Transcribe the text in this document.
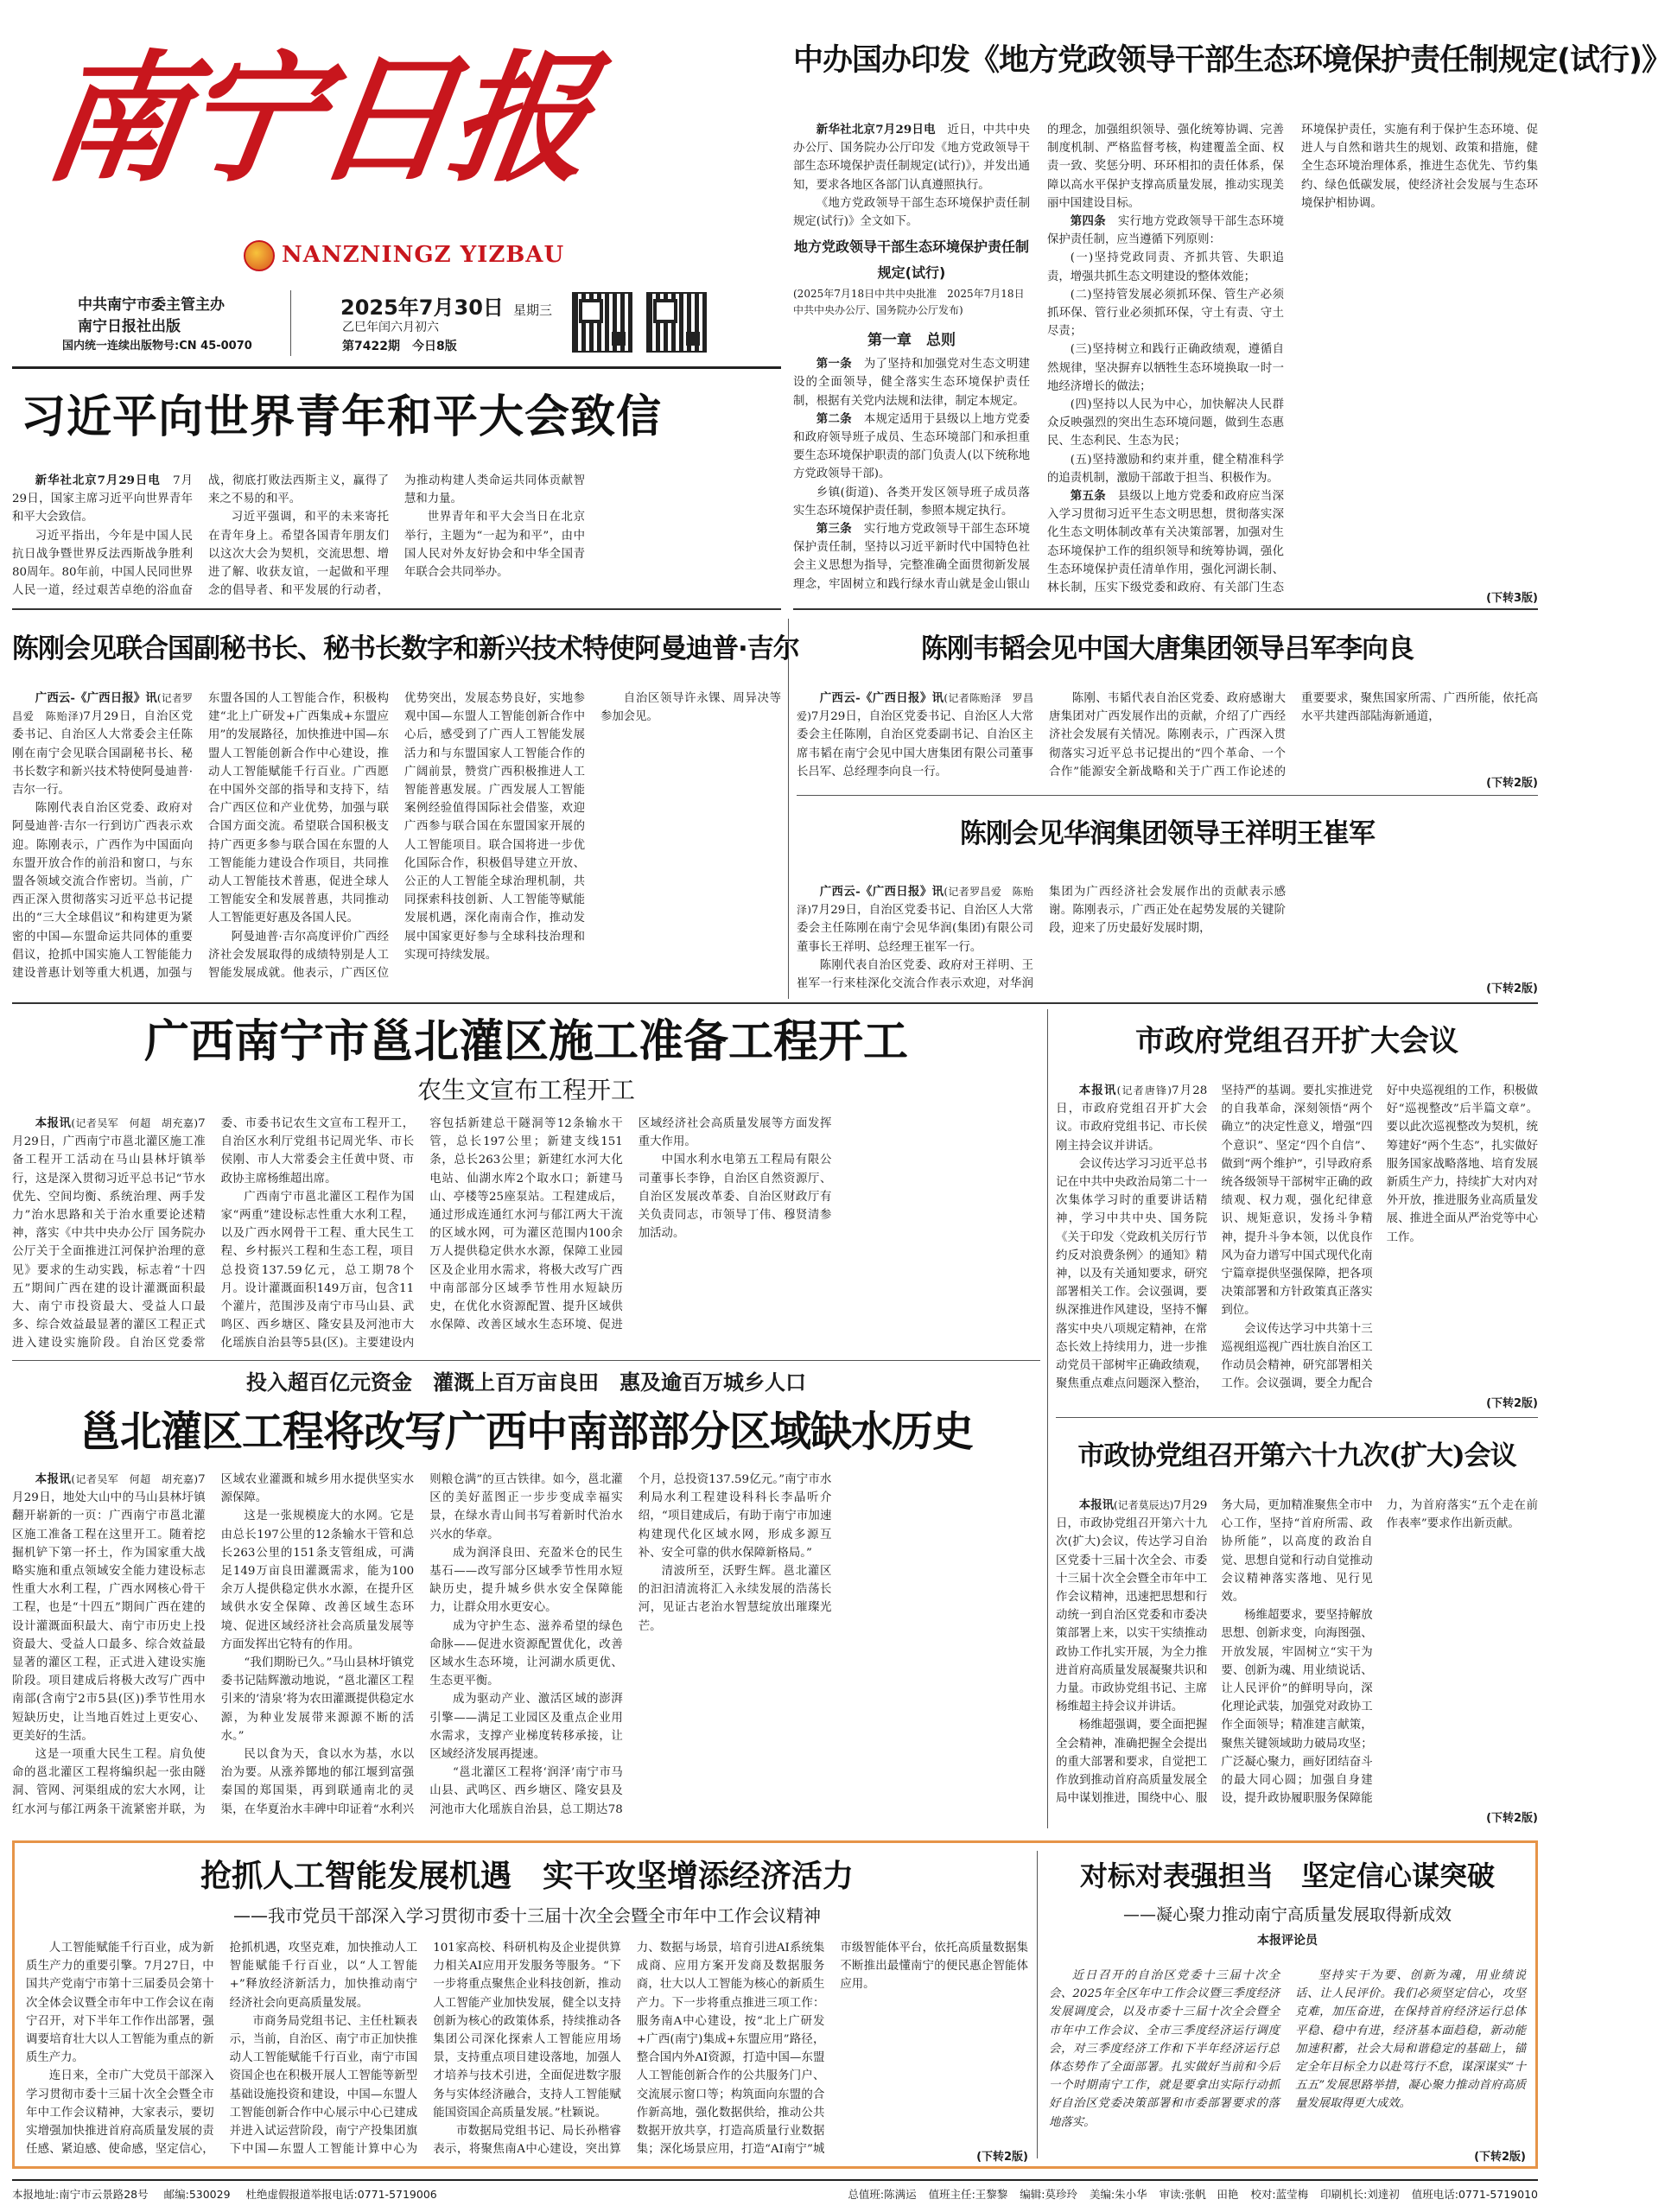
南宁日报
NANZNINGZ YIZBAU
中共南宁市委主管主办
南宁日报社出版
国内统一连续出版物号:CN 45-0070
2025年7月30日 星期三
乙巳年闰六月初六
第7422期　 今日8版
中办国办印发《地方党政领导干部生态环境保护责任制规定(试行)》

新华社北京7月29日电　 近日，中共中央办公厅、国务院办公厅印发《地方党政领导干部生态环境保护责任制规定(试行)》，并发出通知，要求各地区各部门认真遵照执行。

《地方党政领导干部生态环境保护责任制规定(试行)》全文如下。

地方党政领导干部生态环境保护责任制规定(试行)

(2025年7月18日中共中央批准　2025年7月18日中共中央办公厅、国务院办公厅发布)

第一章　总则

第一条　 为了坚持和加强党对生态文明建设的全面领导，健全落实生态环境保护责任制，根据有关党内法规和法律，制定本规定。

第二条　 本规定适用于县级以上地方党委和政府领导班子成员、生态环境部门和承担重要生态环境保护职责的部门负责人(以下统称地方党政领导干部)。

乡镇(街道)、各类开发区领导班子成员落实生态环境保护责任制，参照本规定执行。

第三条　 实行地方党政领导干部生态环境保护责任制，坚持以习近平新时代中国特色社会主义思想为指导，完整准确全面贯彻新发展理念，牢固树立和践行绿水青山就是金山银山的理念，加强组织领导、强化统筹协调、完善制度机制、严格监督考核，构建覆盖全面、权责一致、奖惩分明、环环相扣的责任体系，保障以高水平保护支撑高质量发展，推动实现美丽中国建设目标。

第四条　 实行地方党政领导干部生态环境保护责任制，应当遵循下列原则：

(一)坚持党政同责、齐抓共管、失职追责，增强共抓生态文明建设的整体效能；

(二)坚持管发展必须抓环保、管生产必须抓环保、管行业必须抓环保，守土有责、守土尽责；

(三)坚持树立和践行正确政绩观，遵循自然规律，坚决摒弃以牺牲生态环境换取一时一地经济增长的做法；

(四)坚持以人民为中心，加快解决人民群众反映强烈的突出生态环境问题，做到生态惠民、生态利民、生态为民；

(五)坚持激励和约束并重，健全精准科学的追责机制，激励干部敢于担当、积极作为。

第五条　 县级以上地方党委和政府应当深入学习贯彻习近平生态文明思想，贯彻落实深化生态文明体制改革有关决策部署，加强对生态环境保护工作的组织领导和统筹协调，强化生态环境保护责任清单作用，强化河湖长制、林长制，压实下级党委和政府、有关部门生态环境保护责任，实施有利于保护生态环境、促进人与自然和谐共生的规划、政策和措施，健全生态环境治理体系，推进生态优先、节约集约、绿色低碳发展，使经济社会发展与生态环境保护相协调。

(下转3版)
习近平向世界青年和平大会致信

新华社北京7月29日电　 7月29日，国家主席习近平向世界青年和平大会致信。

习近平指出，今年是中国人民抗日战争暨世界反法西斯战争胜利80周年。80年前，中国人民同世界人民一道，经过艰苦卓绝的浴血奋战，彻底打败法西斯主义，赢得了来之不易的和平。

习近平强调，和平的未来寄托在青年身上。希望各国青年朋友们以这次大会为契机，交流思想、增进了解、收获友谊，一起做和平理念的倡导者、和平发展的行动者，为推动构建人类命运共同体贡献智慧和力量。

世界青年和平大会当日在北京举行，主题为“一起为和平”，由中国人民对外友好协会和中华全国青年联合会共同举办。

陈刚会见联合国副秘书长、秘书长数字和新兴技术特使阿曼迪普·吉尔

广西云-《广西日报》讯(记者罗昌爱　陈贻泽)7月29日，自治区党委书记、自治区人大常委会主任陈刚在南宁会见联合国副秘书长、秘书长数字和新兴技术特使阿曼迪普·吉尔一行。

陈刚代表自治区党委、政府对阿曼迪普·吉尔一行到访广西表示欢迎。陈刚表示，广西作为中国面向东盟开放合作的前沿和窗口，与东盟各领域交流合作密切。当前，广西正深入贯彻落实习近平总书记提出的“三大全球倡议”和构建更为紧密的中国—东盟命运共同体的重要倡议，抢抓中国实施人工智能能力建设普惠计划等重大机遇，加强与东盟各国的人工智能合作，积极构建“北上广研发+广西集成+东盟应用”的发展路径，加快推进中国—东盟人工智能创新合作中心建设，推动人工智能赋能千行百业。广西愿在中国外交部的指导和支持下，结合广西区位和产业优势，加强与联合国方面交流。希望联合国积极支持广西更多参与联合国在东盟的人工智能能力建设合作项目，共同推动人工智能技术普惠，促进全球人工智能安全和发展普惠，共同推动人工智能更好惠及各国人民。

阿曼迪普·吉尔高度评价广西经济社会发展取得的成绩特别是人工智能发展成就。他表示，广西区位优势突出，发展态势良好，实地参观中国—东盟人工智能创新合作中心后，感受到了广西人工智能发展活力和与东盟国家人工智能合作的广阔前景，赞赏广西积极推进人工智能普惠发展。广西发展人工智能案例经验值得国际社会借鉴，欢迎广西参与联合国在东盟国家开展的人工智能项目。联合国将进一步优化国际合作，积极倡导建立开放、公正的人工智能全球治理机制，共同探索科技创新、人工智能等赋能发展机遇，深化南南合作，推动发展中国家更好参与全球科技治理和实现可持续发展。

自治区领导许永锞、周异决等参加会见。

陈刚韦韬会见中国大唐集团领导吕军李向良

广西云-《广西日报》讯(记者陈贻泽　罗昌爱)7月29日，自治区党委书记、自治区人大常委会主任陈刚，自治区党委副书记、自治区主席韦韬在南宁会见中国大唐集团有限公司董事长吕军、总经理李向良一行。

陈刚、韦韬代表自治区党委、政府感谢大唐集团对广西发展作出的贡献，介绍了广西经济社会发展有关情况。陈刚表示，广西深入贯彻落实习近平总书记提出的“四个革命、一个合作”能源安全新战略和关于广西工作论述的重要要求，聚焦国家所需、广西所能，依托高水平共建西部陆海新通道，

(下转2版)
陈刚会见华润集团领导王祥明王崔军

广西云-《广西日报》讯(记者罗昌爱　陈贻泽)7月29日，自治区党委书记、自治区人大常委会主任陈刚在南宁会见华润(集团)有限公司董事长王祥明、总经理王崔军一行。

陈刚代表自治区党委、政府对王祥明、王崔军一行来桂深化交流合作表示欢迎，对华润集团为广西经济社会发展作出的贡献表示感谢。陈刚表示，广西正处在起势发展的关键阶段，迎来了历史最好发展时期，

(下转2版)
广西南宁市邕北灌区施工准备工程开工
农生文宣布工程开工

本报讯(记者吴军　何超　胡充嘉)7月29日，广西南宁市邕北灌区施工准备工程开工活动在马山县林圩镇举行，这是深入贯彻习近平总书记“节水优先、空间均衡、系统治理、两手发力”治水思路和关于治水重要论述精神，落实《中共中央办公厅 国务院办公厅关于全面推进江河保护治理的意见》要求的生动实践，标志着“十四五”期间广西在建的设计灌溉面积最大、南宁市投资最大、受益人口最多、综合效益最显著的灌区工程正式进入建设实施阶段。自治区党委常委、市委书记农生文宣布工程开工，自治区水利厅党组书记周光华、市长侯刚、市人大常委会主任黄中贤、市政协主席杨维超出席。

广西南宁市邕北灌区工程作为国家“两重”建设标志性重大水利工程，以及广西水网骨干工程、重大民生工程、乡村振兴工程和生态工程，项目总投资137.59亿元，总工期78个月。设计灌溉面积149万亩，包含11个灌片，范围涉及南宁市马山县、武鸣区、西乡塘区、隆安县及河池市大化瑶族自治县等5县(区)。主要建设内容包括新建总干隧洞等12条输水干管，总长197公里；新建支线151条，总长263公里；新建红水河大化电站、仙湖水库2个取水口；新建马山、亭楼等25座泵站。工程建成后，通过形成连通红水河与郁江两大干流的区域水网，可为灌区范围内100余万人提供稳定供水水源，保障工业园区及企业用水需求，将极大改写广西中南部部分区域季节性用水短缺历史，在优化水资源配置、提升区域供水保障、改善区域水生态环境、促进区域经济社会高质量发展等方面发挥重大作用。

中国水利水电第五工程局有限公司董事长李铮，自治区自然资源厅、自治区发展改革委、自治区财政厅有关负责同志，市领导丁伟、穆贤清参加活动。

投入超百亿元资金　灌溉上百万亩良田　惠及逾百万城乡人口
邕北灌区工程将改写广西中南部部分区域缺水历史

本报讯(记者吴军　何超　胡充嘉)7月29日，地处大山中的马山县林圩镇翻开崭新的一页：广西南宁市邕北灌区施工准备工程在这里开工。随着挖掘机铲下第一抔土，作为国家重大战略实施和重点领域安全能力建设标志性重大水利工程，广西水网核心骨干工程，也是“十四五”期间广西在建的设计灌溉面积最大、南宁市历史上投资最大、受益人口最多、综合效益最显著的灌区工程，正式进入建设实施阶段。项目建成后将极大改写广西中南部(含南宁2市5县(区))季节性用水短缺历史，让当地百姓过上更安心、更美好的生活。

这是一项重大民生工程。肩负使命的邕北灌区工程将编织起一张由隧洞、管网、河渠组成的宏大水网，让红水河与郁江两条干流紧密并联，为区域农业灌溉和城乡用水提供坚实水源保障。

这是一张规模庞大的水网。它是由总长197公里的12条输水干管和总长263公里的151条支管组成，可满足149万亩良田灌溉需求，能为100余万人提供稳定供水水源，在提升区域供水安全保障、改善区域生态环境、促进区域经济社会高质量发展等方面发挥出它特有的作用。

“我们期盼已久。”马山县林圩镇党委书记陆辉激动地说，“邕北灌区工程引来的‘清泉’将为农田灌溉提供稳定水源，为种业发展带来源源不断的活水。”

民以食为天，食以水为基，水以治为要。从涨养鄮地的郁江堰到富强秦国的郑国渠，再到联通南北的灵渠，在华夏治水丰碑中印证着“水利兴则粮仓满”的亘古铁律。如今，邕北灌区的美好蓝图正一步步变成幸福实景，在绿水青山间书写着新时代治水兴水的华章。

成为润泽良田、充盈米仓的民生基石——改写部分区域季节性用水短缺历史，提升城乡供水安全保障能力，让群众用水更安心。

成为守护生态、滋养希望的绿色命脉——促进水资源配置优化，改善区域水生态环境，让河湖水质更优、生态更平衡。

成为驱动产业、激活区域的澎湃引擎——满足工业园区及重点企业用水需求，支撑产业梯度转移承接，让区域经济发展再提速。

“邕北灌区工程将‘润泽’南宁市马山县、武鸣区、西乡塘区、隆安县及河池市大化瑶族自治县，总工期达78个月，总投资137.59亿元。”南宁市水利局水利工程建设科科长李晶听介绍，“项目建成后，有助于南宁市加速构建现代化区域水网，形成多源互补、安全可靠的供水保障新格局。”

清波所至，沃野生辉。邕北灌区的汩汩清流将汇入永续发展的浩荡长河，见证古老治水智慧绽放出璀璨光芒。

市政府党组召开扩大会议

本报讯(记者唐锋)7月28日，市政府党组召开扩大会议。市政府党组书记、市长侯刚主持会议并讲话。

会议传达学习习近平总书记在中共中央政治局第二十一次集体学习时的重要讲话精神，学习中共中央、国务院《关于印发〈党政机关厉行节约反对浪费条例〉的通知》精神，以及有关通知要求，研究部署相关工作。会议强调，要纵深推进作风建设，坚持不懈落实中央八项规定精神，在常态长效上持续用力，进一步推动党员干部树牢正确政绩观，聚焦重点难点问题深入整治，坚持严的基调。要扎实推进党的自我革命，深刻领悟“两个确立”的决定性意义，增强“四个意识”、坚定“四个自信”、做到“两个维护”，引导政府系统各级领导干部树牢正确的政绩观、权力观，强化纪律意识、规矩意识，发扬斗争精神，提升斗争本领，以优良作风为奋力谱写中国式现代化南宁篇章提供坚强保障，把各项决策部署和方针政策真正落实到位。

会议传达学习中共第十三巡视组巡视广西壮族自治区工作动员会精神，研究部署相关工作。会议强调，要全力配合好中央巡视组的工作，积极做好“巡视整改”后半篇文章”。要以此次巡视整改为契机，统筹建好“两个生态”，扎实做好服务国家战略落地、培育发展新质生产力，持续扩大对内对外开放，推进服务业高质量发展、推进全面从严治党等中心工作。

(下转2版)
市政协党组召开第六十九次(扩大)会议

本报讯(记者莫辰达)7月29日，市政协党组召开第六十九次(扩大)会议，传达学习自治区党委十三届十次全会、市委十三届十次全会暨全市年中工作会议精神，迅速把思想和行动统一到自治区党委和市委决策部署上来，以实干实绩推动政协工作扎实开展，为全力推进首府高质量发展凝聚共识和力量。市政协党组书记、主席杨维超主持会议并讲话。

杨维超强调，要全面把握全会精神，准确把握全会提出的重大部署和要求，自觉把工作放到推动首府高质量发展全局中谋划推进，围绕中心、服务大局，更加精准聚焦全市中心工作，坚持“首府所需、政协所能”，以高度的政治自觉、思想自觉和行动自觉推动会议精神落实落地、见行见效。

杨维超要求，要坚持解放思想、创新求变，向海图强、开放发展，牢固树立“实干为要、创新为魂、用业绩说话、让人民评价”的鲜明导向，深化理论武装，加强党对政协工作全面领导；精准建言献策，聚焦关键领域助力破局攻坚；广泛凝心聚力，画好团结奋斗的最大同心圆；加强自身建设，提升政协履职服务保障能力，为首府落实“五个走在前作表率”要求作出新贡献。

(下转2版)
抢抓人工智能发展机遇　实干攻坚增添经济活力
——我市党员干部深入学习贯彻市委十三届十次全会暨全市年中工作会议精神

人工智能赋能千行百业，成为新质生产力的重要引擎。7月27日，中国共产党南宁市第十三届委员会第十次全体会议暨全市年中工作会议在南宁召开，对下半年工作作出部署，强调要培育壮大以人工智能为重点的新质生产力。

连日来，全市广大党员干部深入学习贯彻市委十三届十次全会暨全市年中工作会议精神，大家表示，要切实增强加快推进首府高质量发展的责任感、紧迫感、使命感，坚定信心，抢抓机遇，攻坚克难，加快推动人工智能赋能千行百业，以“人工智能+”释放经济新活力，加快推动南宁经济社会向更高质量发展。

市商务局党组书记、主任杜颖表示，当前，自治区、南宁市正加快推动人工智能赋能千行百业，南宁市国资国企也在积极开展人工智能等新型基础设施投资和建设，中国—东盟人工智能创新合作中心展示中心已建成并进入试运营阶段，南宁产投集团旗下中国—东盟人工智能计算中心为101家高校、科研机构及企业提供算力相关AI应用开发服务等服务。“下一步将重点聚焦企业科技创新，推动人工智能产业加快发展，健全以支持创新为核心的政策体系，持续推动各集团公司深化探索人工智能应用场景，支持重点项目建设落地，加强人才培养与技术引进，全面促进数字服务与实体经济融合，支持人工智能赋能国资国企高质量发展。”杜颖说。

市数据局党组书记、局长孙楷睿表示，将聚焦南A中心建设，突出算力、数据与场景，培育引进AI系统集成商、应用方案开发商及数据服务商，壮大以人工智能为核心的新质生产力。下一步将重点推进三项工作：服务南A中心建设，按“北上广研发+广西(南宁)集成+东盟应用”路径，整合国内外AI资源，打造中国—东盟人工智能创新合作的公共服务门户、交流展示窗口等；构筑面向东盟的合作新高地，强化数据供给，推动公共数据开放共享，打造高质量行业数据集；深化场景应用，打造“AI南宁”城市级智能体平台，依托高质量数据集不断推出最懂南宁的便民惠企智能体应用。

(下转2版)
对标对表强担当　坚定信心谋突破
——凝心聚力推动南宁高质量发展取得新成效
本报评论员

近日召开的自治区党委十三届十次全会、2025年全区年中工作会议暨三季度经济发展调度会，以及市委十三届十次全会暨全市年中工作会议、全市三季度经济运行调度会，对三季度经济工作和下半年经济运行总体态势作了全面部署。扎实做好当前和今后一个时期南宁工作，就是要拿出实际行动抓好自治区党委决策部署和市委部署要求的落地落实。

坚持实干为要、创新为魂，用业绩说话、让人民评价。我们必须坚定信心，攻坚克难，加压奋进，在保持首府经济运行总体平稳、稳中有进，经济基本面趋稳，新动能加速积蓄，社会大局和谐稳定的基础上，锚定全年目标全力以赴笃行不怠，谋深谋实“十五五”发展思路举措，凝心聚力推动首府高质量发展取得更大成效。

(下转2版)
本报地址:南宁市云景路28号 邮编:530029 杜绝虚假报道举报电话:0771-5719006	总值班:陈满运 值班主任:王黎黎 编辑:莫珍玲 美编:朱小华 审读:张帆　田艳 校对:蓝莹梅 印刷机长:刘達初 值班电话:0771-5719010
